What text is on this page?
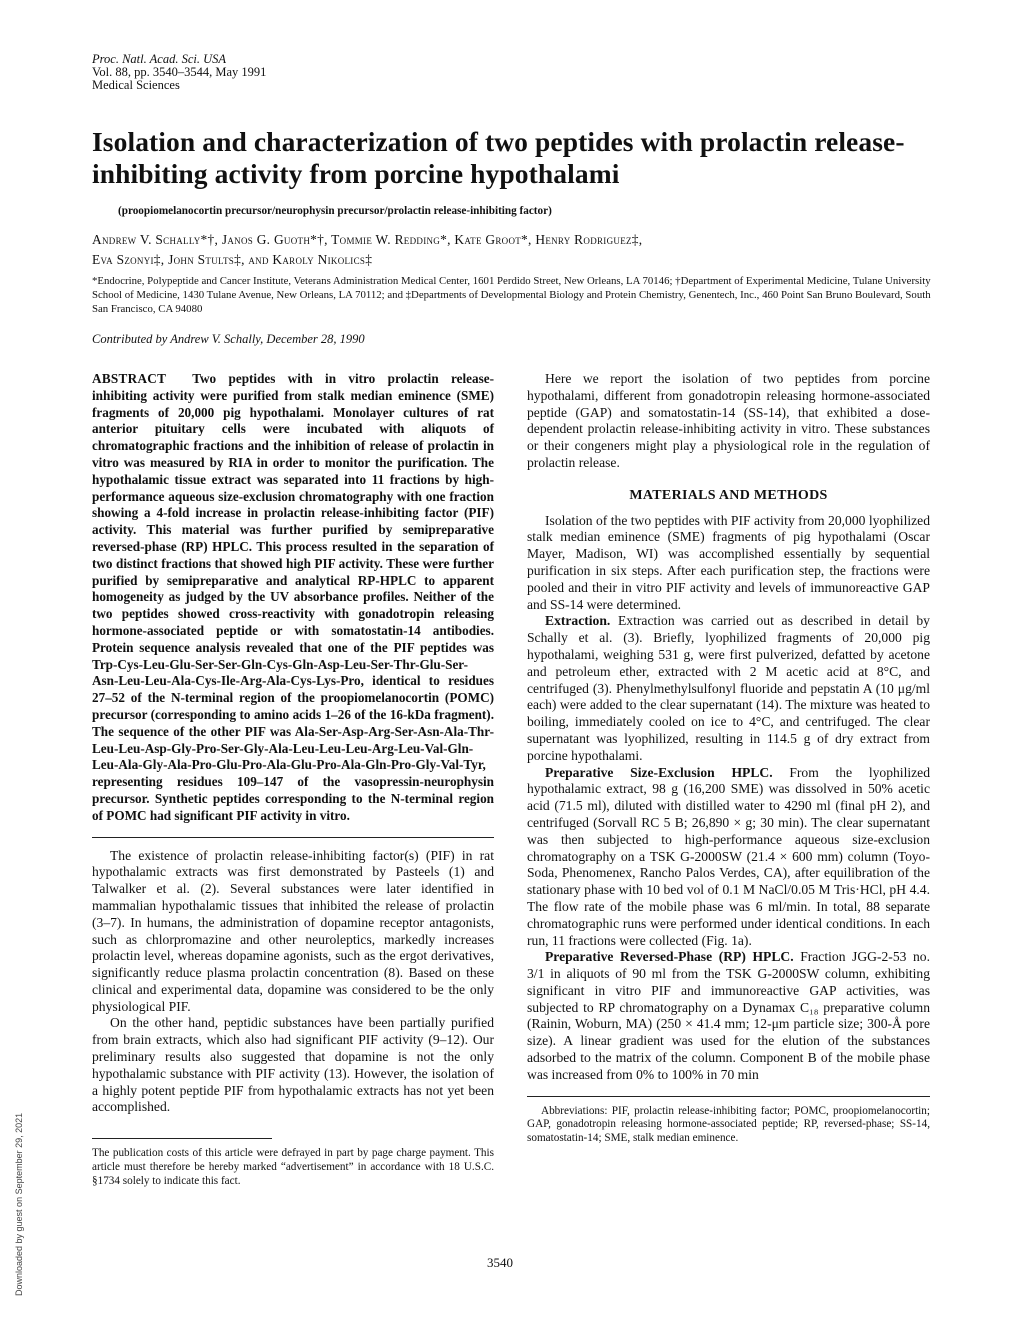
Proc. Natl. Acad. Sci. USA
Vol. 88, pp. 3540–3544, May 1991
Medical Sciences
Isolation and characterization of two peptides with prolactin release-inhibiting activity from porcine hypothalami
(proopiomelanocortin precursor/neurophysin precursor/prolactin release-inhibiting factor)
Andrew V. Schally*†, Janos G. Guoth*†, Tommie W. Redding*, Kate Groot*, Henry Rodriguez‡,
Eva Szonyi‡, John Stults‡, and Karoly Nikolics‡
*Endocrine, Polypeptide and Cancer Institute, Veterans Administration Medical Center, 1601 Perdido Street, New Orleans, LA 70146; †Department of Experimental Medicine, Tulane University School of Medicine, 1430 Tulane Avenue, New Orleans, LA 70112; and ‡Departments of Developmental Biology and Protein Chemistry, Genentech, Inc., 460 Point San Bruno Boulevard, South San Francisco, CA 94080
Contributed by Andrew V. Schally, December 28, 1990

ABSTRACT Two peptides with in vitro prolactin release-inhibiting activity were purified from stalk median eminence (SME) fragments of 20,000 pig hypothalami. Monolayer cultures of rat anterior pituitary cells were incubated with aliquots of chromatographic fractions and the inhibition of release of prolactin in vitro was measured by RIA in order to monitor the purification. The hypothalamic tissue extract was separated into 11 fractions by high-performance aqueous size-exclusion chromatography with one fraction showing a 4-fold increase in prolactin release-inhibiting factor (PIF) activity. This material was further purified by semipreparative reversed-phase (RP) HPLC. This process resulted in the separation of two distinct fractions that showed high PIF activity. These were further purified by semipreparative and analytical RP-HPLC to apparent homogeneity as judged by the UV absorbance profiles. Neither of the two peptides showed cross-reactivity with gonadotropin releasing hormone-associated peptide or with somatostatin-14 antibodies. Protein sequence analysis revealed that one of the PIF peptides was Trp-Cys-Leu-Glu-Ser-Ser-Gln-Cys-Gln-Asp-Leu-Ser-Thr-Glu-Ser-Asn-Leu-Leu-Ala-Cys-Ile-Arg-Ala-Cys-Lys-Pro, identical to residues 27–52 of the N-terminal region of the proopiomelanocortin (POMC) precursor (corresponding to amino acids 1–26 of the 16-kDa fragment). The sequence of the other PIF was Ala-Ser-Asp-Arg-Ser-Asn-Ala-Thr-Leu-Leu-Asp-Gly-Pro-Ser-Gly-Ala-Leu-Leu-Leu-Arg-Leu-Val-Gln-Leu-Ala-Gly-Ala-Pro-Glu-Pro-Ala-Glu-Pro-Ala-Gln-Pro-Gly-Val-Tyr, representing residues 109–147 of the vasopressin-neurophysin precursor. Synthetic peptides corresponding to the N-terminal region of POMC had significant PIF activity in vitro.

The existence of prolactin release-inhibiting factor(s) (PIF) in rat hypothalamic extracts was first demonstrated by Pasteels (1) and Talwalker et al. (2). Several substances were later identified in mammalian hypothalamic tissues that inhibited the release of prolactin (3–7). In humans, the administration of dopamine receptor antagonists, such as chlorpromazine and other neuroleptics, markedly increases prolactin level, whereas dopamine agonists, such as the ergot derivatives, significantly reduce plasma prolactin concentration (8). Based on these clinical and experimental data, dopamine was considered to be the only physiological PIF.

On the other hand, peptidic substances have been partially purified from brain extracts, which also had significant PIF activity (9–12). Our preliminary results also suggested that dopamine is not the only hypothalamic substance with PIF activity (13). However, the isolation of a highly potent peptide PIF from hypothalamic extracts has not yet been accomplished.

The publication costs of this article were defrayed in part by page charge payment. This article must therefore be hereby marked “advertisement” in accordance with 18 U.S.C. §1734 solely to indicate this fact.

Here we report the isolation of two peptides from porcine hypothalami, different from gonadotropin releasing hormone-associated peptide (GAP) and somatostatin-14 (SS-14), that exhibited a dose-dependent prolactin release-inhibiting activity in vitro. These substances or their congeners might play a physiological role in the regulation of prolactin release.

MATERIALS AND METHODS

Isolation of the two peptides with PIF activity from 20,000 lyophilized stalk median eminence (SME) fragments of pig hypothalami (Oscar Mayer, Madison, WI) was accomplished essentially by sequential purification in six steps. After each purification step, the fractions were pooled and their in vitro PIF activity and levels of immunoreactive GAP and SS-14 were determined.

Extraction. Extraction was carried out as described in detail by Schally et al. (3). Briefly, lyophilized fragments of 20,000 pig hypothalami, weighing 531 g, were first pulverized, defatted by acetone and petroleum ether, extracted with 2 M acetic acid at 8°C, and centrifuged (3). Phenylmethylsulfonyl fluoride and pepstatin A (10 μg/ml each) were added to the clear supernatant (14). The mixture was heated to boiling, immediately cooled on ice to 4°C, and centrifuged. The clear supernatant was lyophilized, resulting in 114.5 g of dry extract from porcine hypothalami.

Preparative Size-Exclusion HPLC. From the lyophilized hypothalamic extract, 98 g (16,200 SME) was dissolved in 50% acetic acid (71.5 ml), diluted with distilled water to 4290 ml (final pH 2), and centrifuged (Sorvall RC 5 B; 26,890 × g; 30 min). The clear supernatant was then subjected to high-performance aqueous size-exclusion chromatography on a TSK G-2000SW (21.4 × 600 mm) column (Toyo-Soda, Phenomenex, Rancho Palos Verdes, CA), after equilibration of the stationary phase with 10 bed vol of 0.1 M NaCl/0.05 M Tris·HCl, pH 4.4. The flow rate of the mobile phase was 6 ml/min. In total, 88 separate chromatographic runs were performed under identical conditions. In each run, 11 fractions were collected (Fig. 1a).

Preparative Reversed-Phase (RP) HPLC. Fraction JGG-2-53 no. 3/1 in aliquots of 90 ml from the TSK G-2000SW column, exhibiting significant in vitro PIF and immunoreactive GAP activities, was subjected to RP chromatography on a Dynamax C₁₈ preparative column (Rainin, Woburn, MA) (250 × 41.4 mm; 12-μm particle size; 300-Å pore size). A linear gradient was used for the elution of the substances adsorbed to the matrix of the column. Component B of the mobile phase was increased from 0% to 100% in 70 min

Abbreviations: PIF, prolactin release-inhibiting factor; POMC, proopiomelanocortin; GAP, gonadotropin releasing hormone-associated peptide; RP, reversed-phase; SS-14, somatostatin-14; SME, stalk median eminence.

3540
Downloaded by guest on September 29, 2021
